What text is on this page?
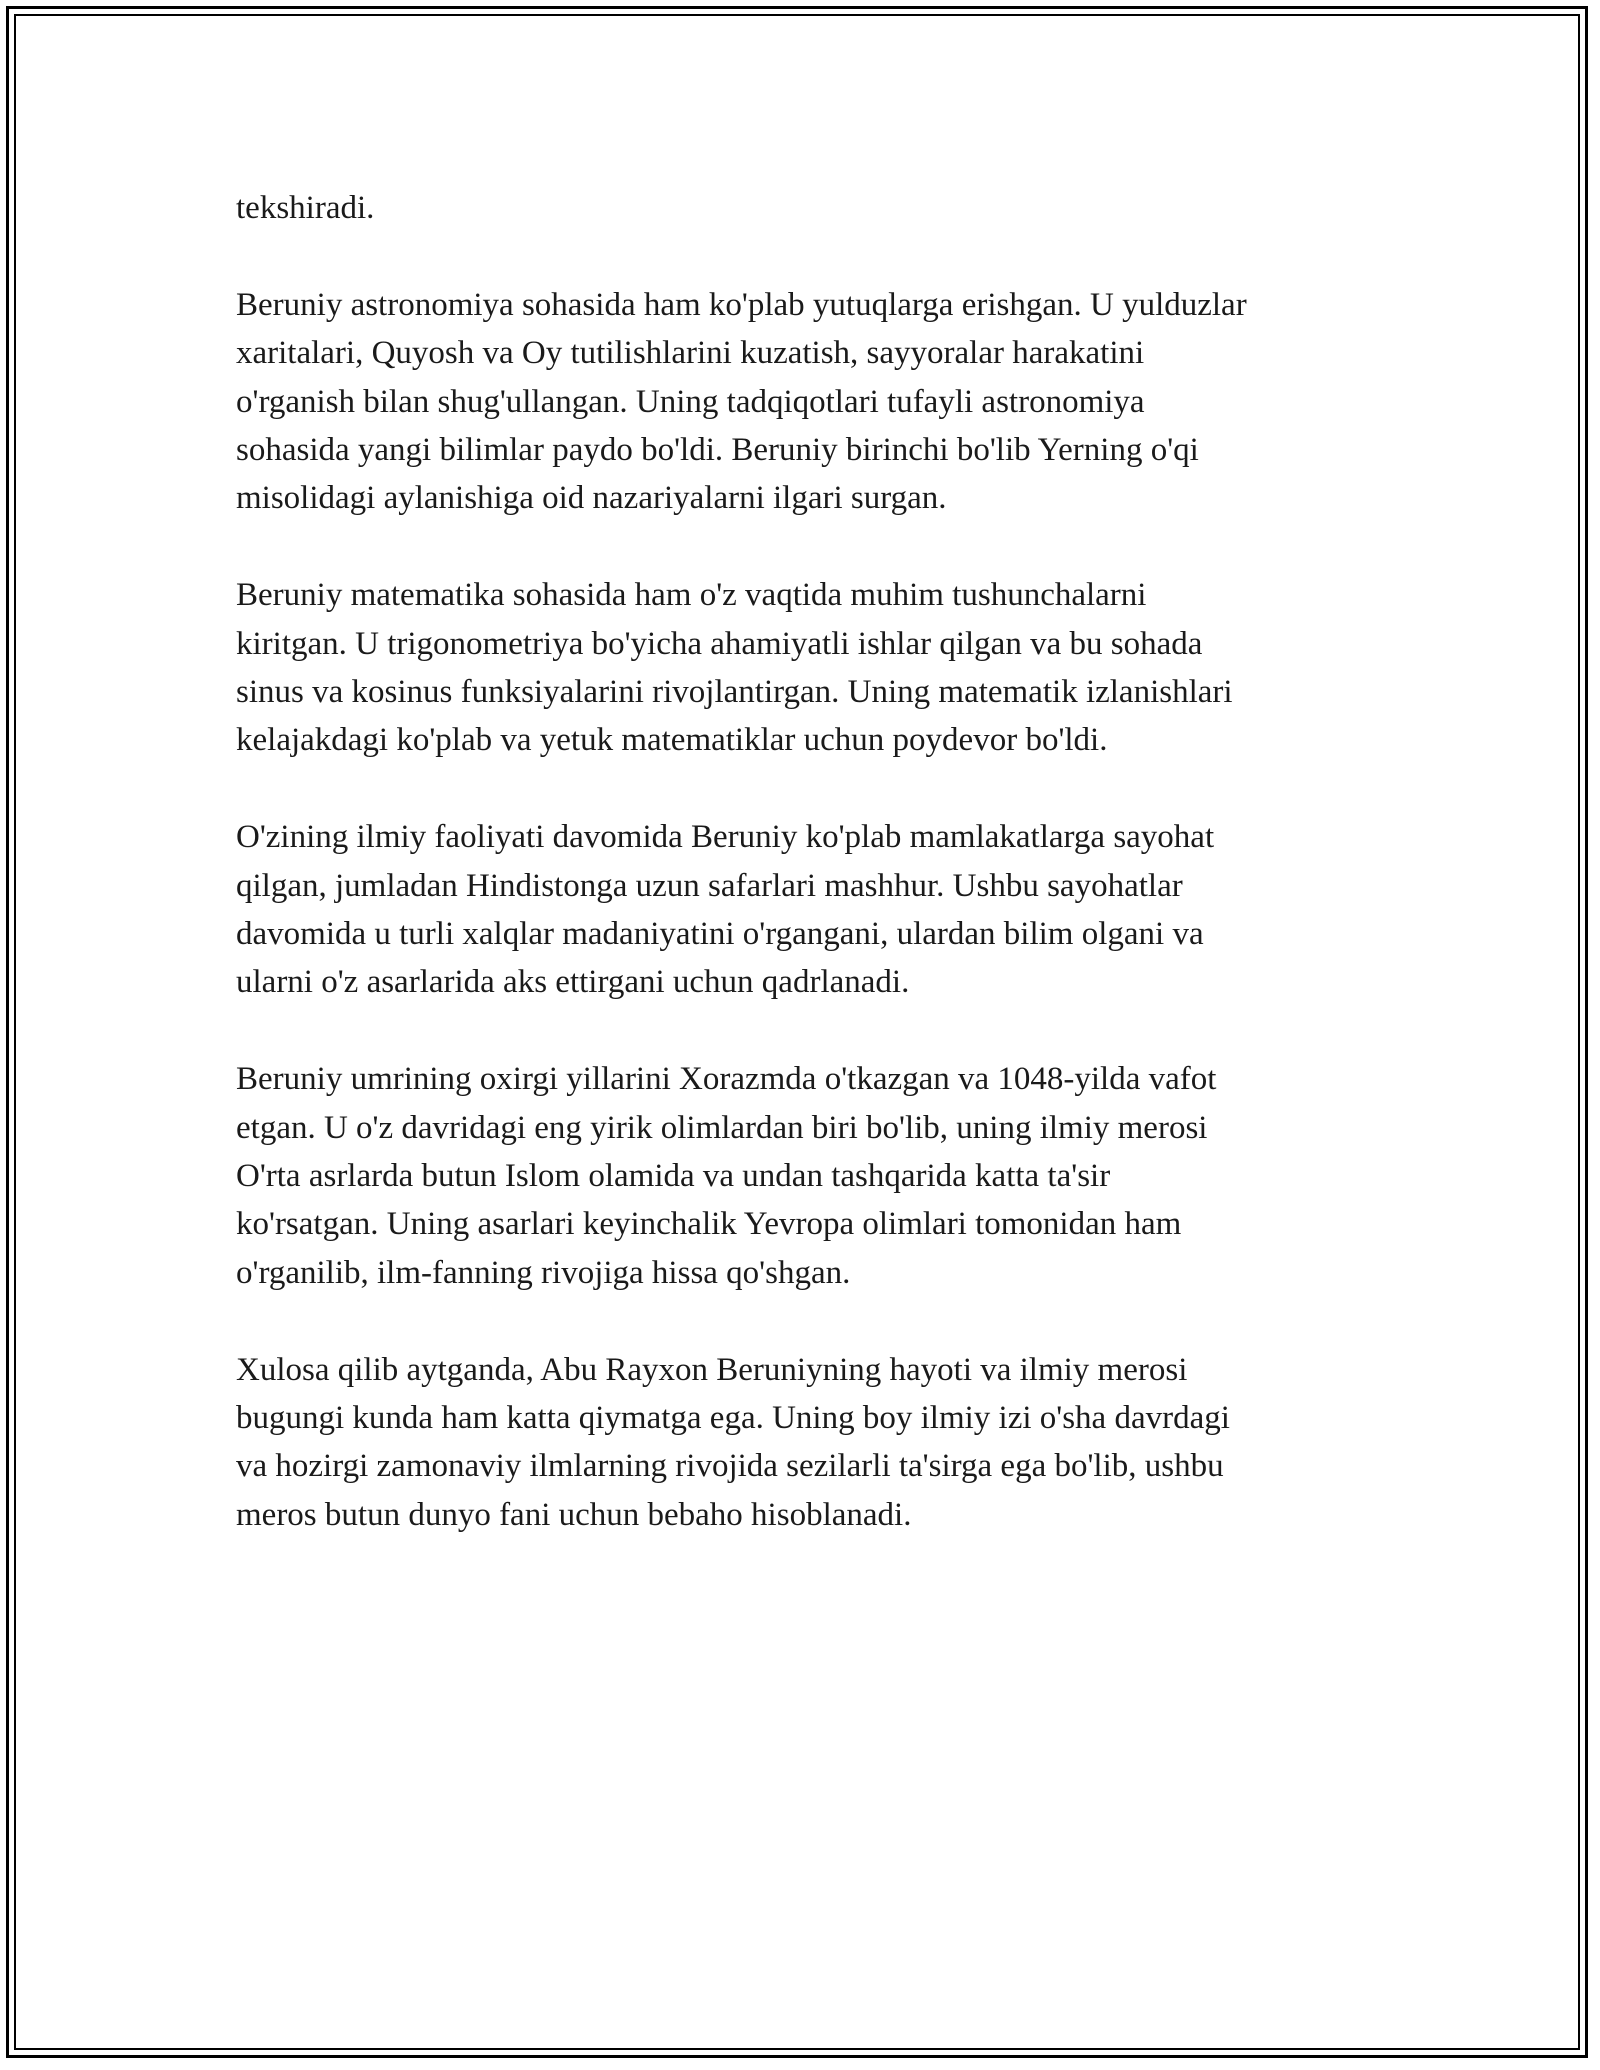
tekshiradi.

Beruniy astronomiya sohasida ham ko'plab yutuqlarga erishgan. U yulduzlar
xaritalari, Quyosh va Oy tutilishlarini kuzatish, sayyoralar harakatini
o'rganish bilan shug'ullangan. Uning tadqiqotlari tufayli astronomiya
sohasida yangi bilimlar paydo bo'ldi. Beruniy birinchi bo'lib Yerning o'qi
misolidagi aylanishiga oid nazariyalarni ilgari surgan.

Beruniy matematika sohasida ham o'z vaqtida muhim tushunchalarni
kiritgan. U trigonometriya bo'yicha ahamiyatli ishlar qilgan va bu sohada
sinus va kosinus funksiyalarini rivojlantirgan. Uning matematik izlanishlari
kelajakdagi ko'plab va yetuk matematiklar uchun poydevor bo'ldi.

O'zining ilmiy faoliyati davomida Beruniy ko'plab mamlakatlarga sayohat
qilgan, jumladan Hindistonga uzun safarlari mashhur. Ushbu sayohatlar
davomida u turli xalqlar madaniyatini o'rgangani, ulardan bilim olgani va
ularni o'z asarlarida aks ettirgani uchun qadrlanadi.

Beruniy umrining oxirgi yillarini Xorazmda o'tkazgan va 1048-yilda vafot
etgan. U o'z davridagi eng yirik olimlardan biri bo'lib, uning ilmiy merosi
O'rta asrlarda butun Islom olamida va undan tashqarida katta ta'sir
ko'rsatgan. Uning asarlari keyinchalik Yevropa olimlari tomonidan ham
o'rganilib, ilm-fanning rivojiga hissa qo'shgan.

Xulosa qilib aytganda, Abu Rayxon Beruniyning hayoti va ilmiy merosi
bugungi kunda ham katta qiymatga ega. Uning boy ilmiy izi o'sha davrdagi
va hozirgi zamonaviy ilmlarning rivojida sezilarli ta'sirga ega bo'lib, ushbu
meros butun dunyo fani uchun bebaho hisoblanadi.
